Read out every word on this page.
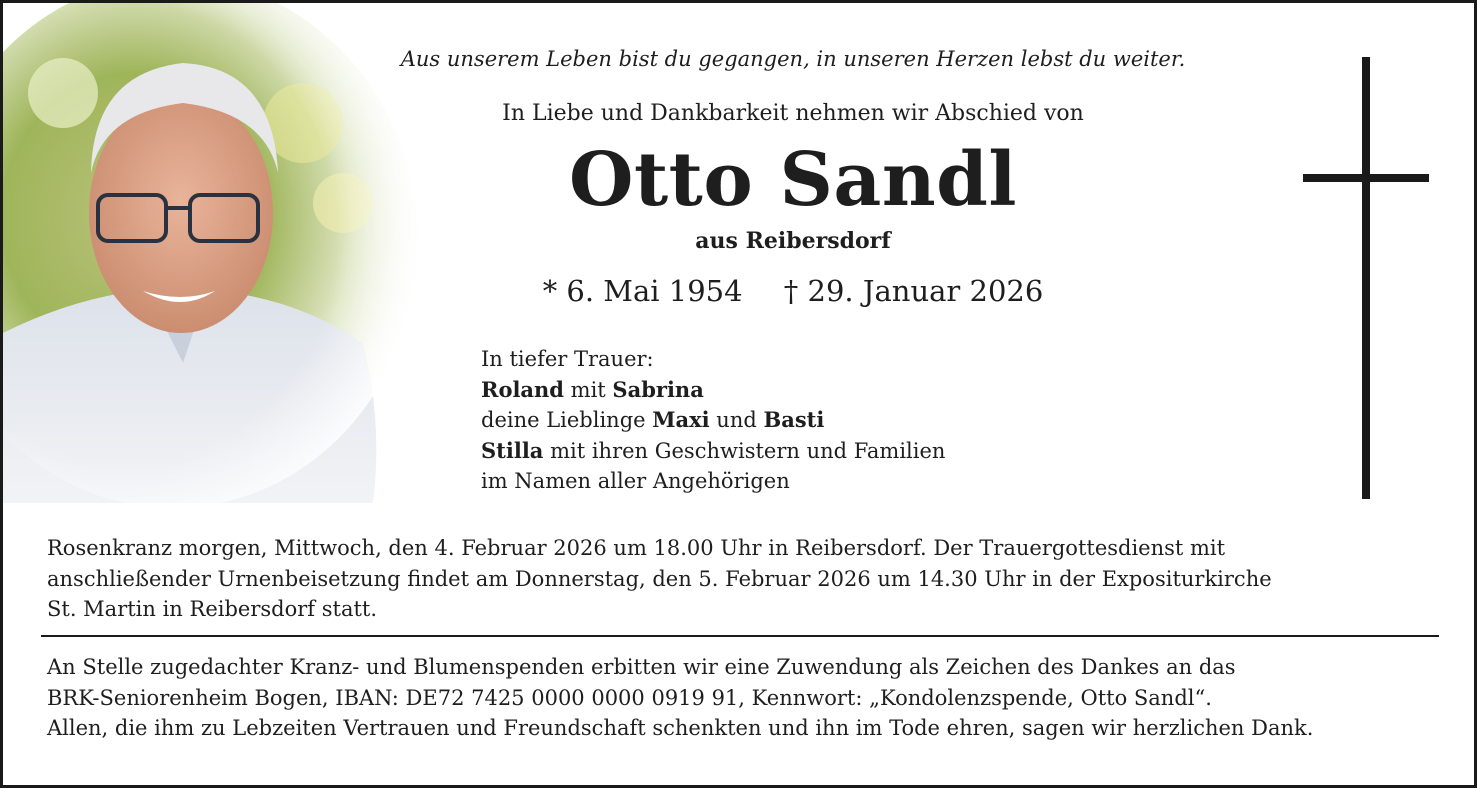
Aus unserem Leben bist du gegangen, in unseren Herzen lebst du weiter.
In Liebe und Dankbarkeit nehmen wir Abschied von
Otto Sandl
aus Reibersdorf
* 6. Mai 1954 † 29. Januar 2026
In tiefer Trauer:
Roland mit Sabrina
deine Lieblinge Maxi und Basti
Stilla mit ihren Geschwistern und Familien
im Namen aller Angehörigen
Rosenkranz morgen, Mittwoch, den 4. Februar 2026 um 18.00 Uhr in Reibersdorf. Der Trauergottesdienst mit
anschließender Urnenbeisetzung findet am Donnerstag, den 5. Februar 2026 um 14.30 Uhr in der Expositurkirche
St. Martin in Reibersdorf statt.
An Stelle zugedachter Kranz- und Blumenspenden erbitten wir eine Zuwendung als Zeichen des Dankes an das
BRK-Seniorenheim Bogen, IBAN: DE72 7425 0000 0000 0919 91, Kennwort: „Kondolenzspende, Otto Sandl“.
Allen, die ihm zu Lebzeiten Vertrauen und Freundschaft schenkten und ihn im Tode ehren, sagen wir herzlichen Dank.
